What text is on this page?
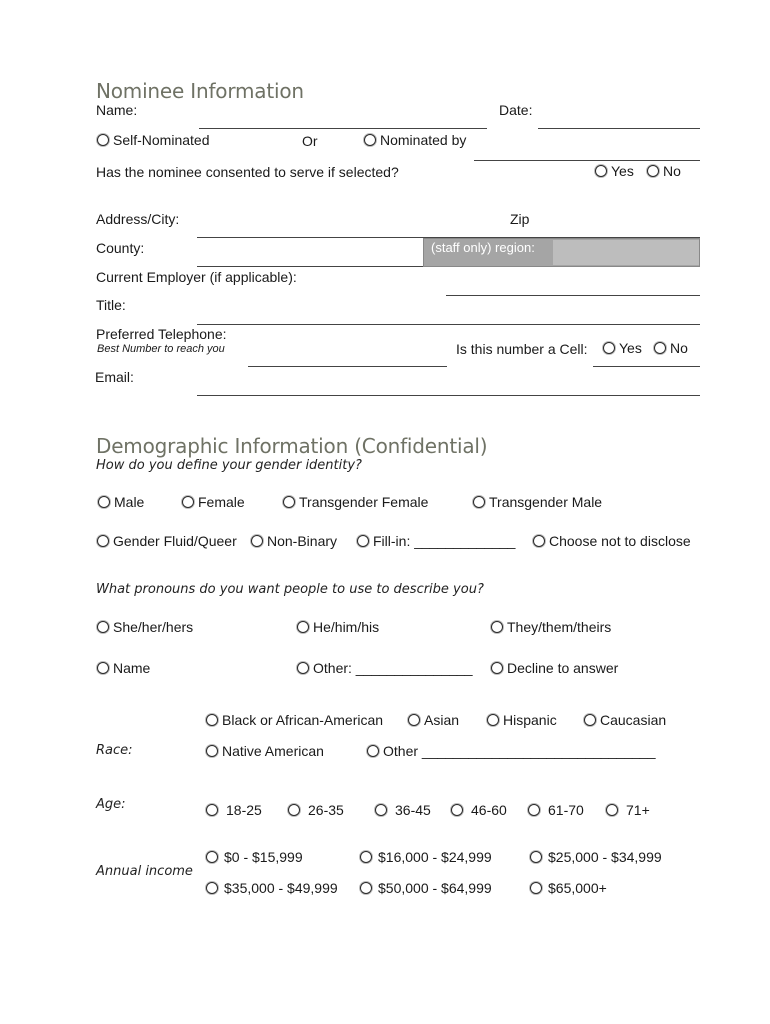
Nominee Information
Name:	Date:
Self-Nominated	Or	Nominated by
Has the nominee consented to serve if selected?	Yes No
Address/City:	Zip
County:	(staff only) region:
Current Employer (if applicable):
Title:
Preferred Telephone:
Best Number to reach you	Is this number a Cell: Yes No
Email:
Demographic Information (Confidential)
How do you define your gender identity?
Male	Female	Transgender Female	Transgender Male
Gender Fluid/Queer Non-Binary	Fill-in: _____________ Choose not to disclose
What pronouns do you want people to use to describe you?
She/her/hers	He/him/his	They/them/theirs
Name	Other: _______________ Decline to answer
Black or African-American	Asian	Hispanic	Caucasian
Race:	Native American	Other ______________________________
Age:	18-25	26-35	36-45	46-60	61-70	71+
Annual income
$0 - $15,999	$16,000 - $24,999	$25,000 - $34,999
$35,000 - $49,999	$50,000 - $64,999	$65,000+
